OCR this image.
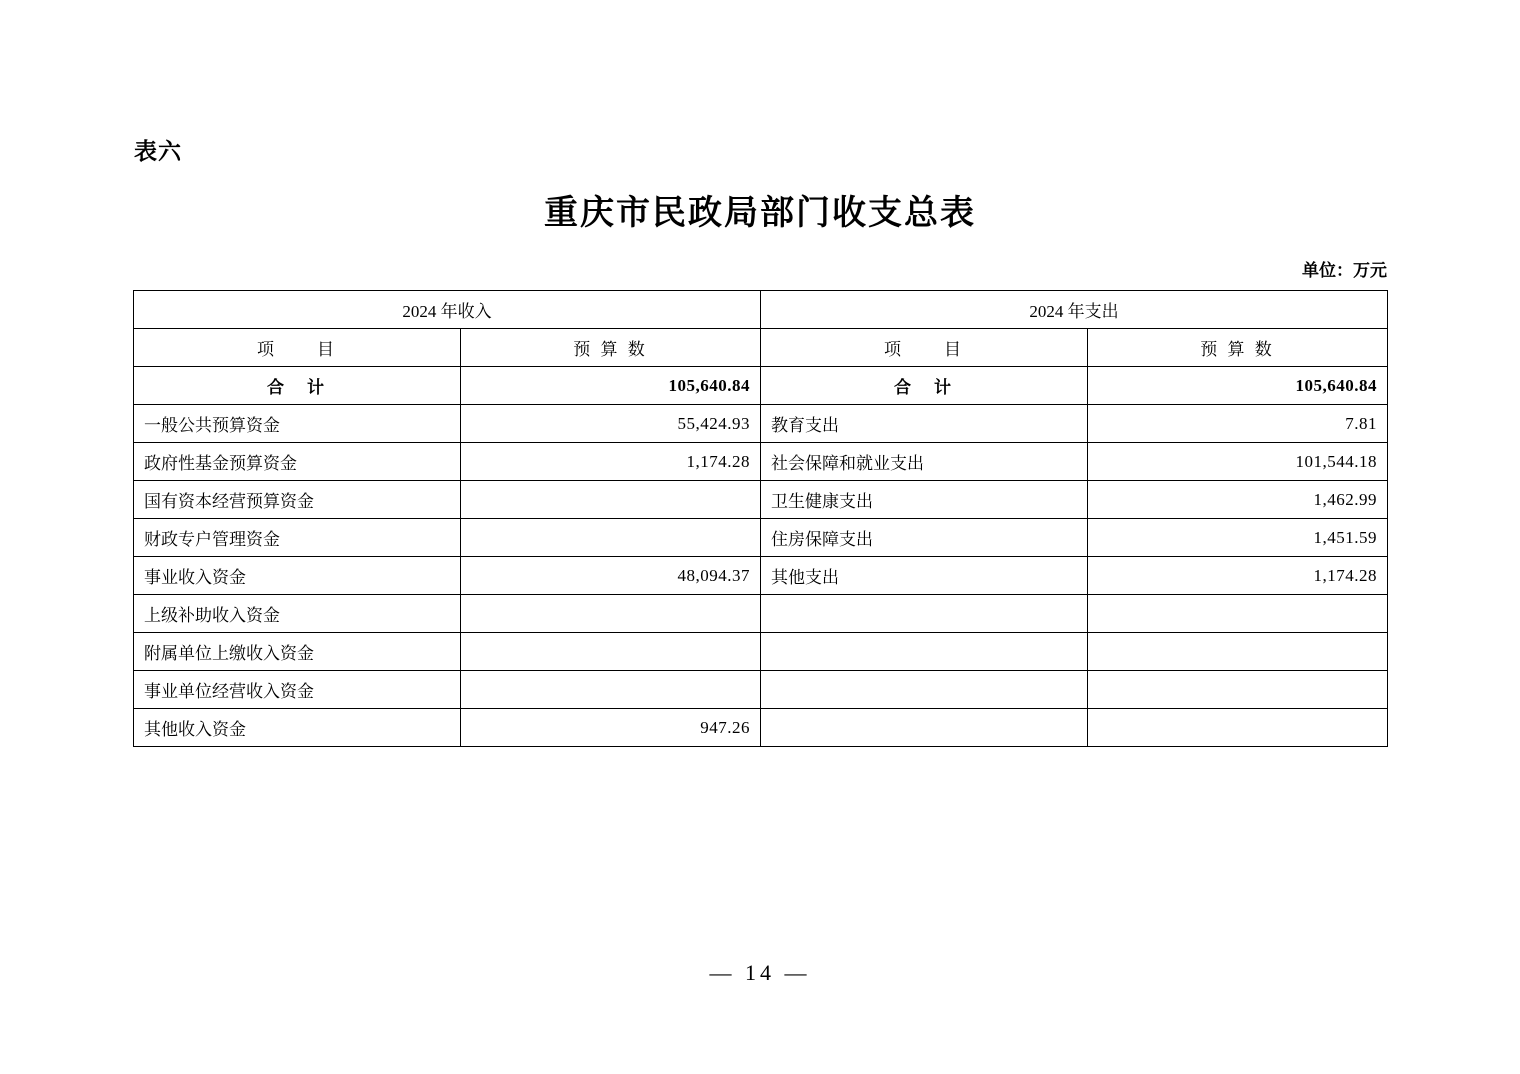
表六
重庆市民政局部门收支总表
单位：万元
2024 年收入		2024 年支出	
项　　目	预 算 数	项　　目	预 算 数
合　计	105,640.84	合　计	105,640.84
一般公共预算资金	55,424.93	教育支出	7.81
政府性基金预算资金	1,174.28	社会保障和就业支出	101,544.18
国有资本经营预算资金		卫生健康支出	1,462.99
财政专户管理资金		住房保障支出	1,451.59
事业收入资金	48,094.37	其他支出	1,174.28
上级补助收入资金			
附属单位上缴收入资金			
事业单位经营收入资金			
其他收入资金	947.26		
— 14 —
